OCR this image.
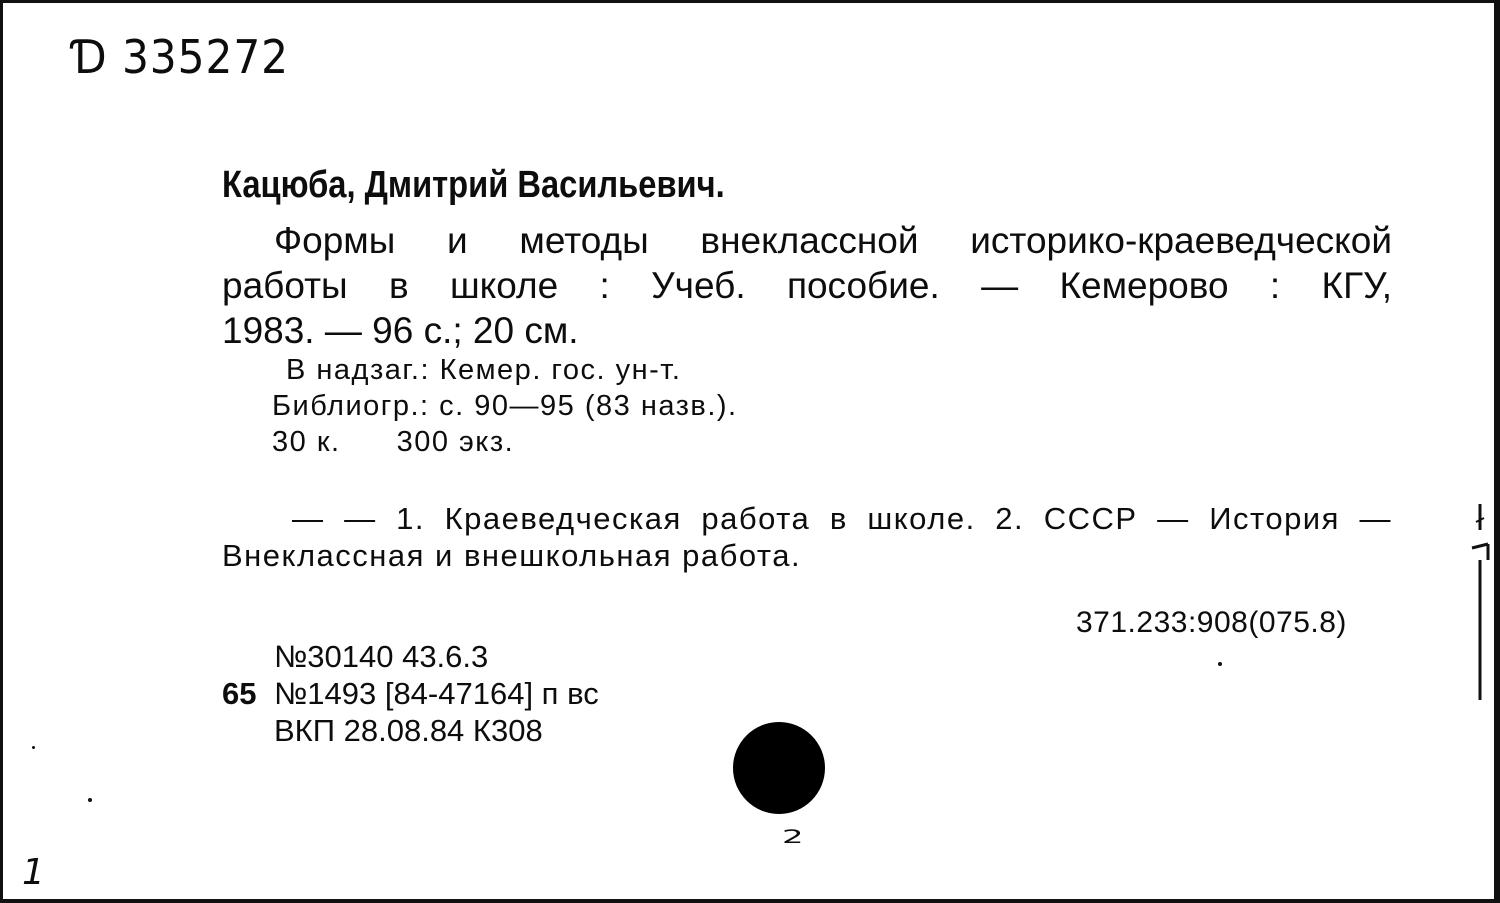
Ɗ 335272
Кацюба, Дмитрий Васильевич.
Формы и методы внеклассной историко-краеведческой
работы в школе : Учеб. пособие. — Кемерово : КГУ,
1983. — 96 с.; 20 см.
В надзаг.: Кемер. гос. ун-т.
Библиогр.: с. 90—95 (83 назв.).
30 к. 300 экз.
— — 1. Краеведческая работа в школе. 2. СССР — История —
Внеклассная и внешкольная работа.
371.233:908(075.8)
№30140 43.6.3
65 №1493 [84-47164] п вс
ВКП 28.08.84 К308
2
1
